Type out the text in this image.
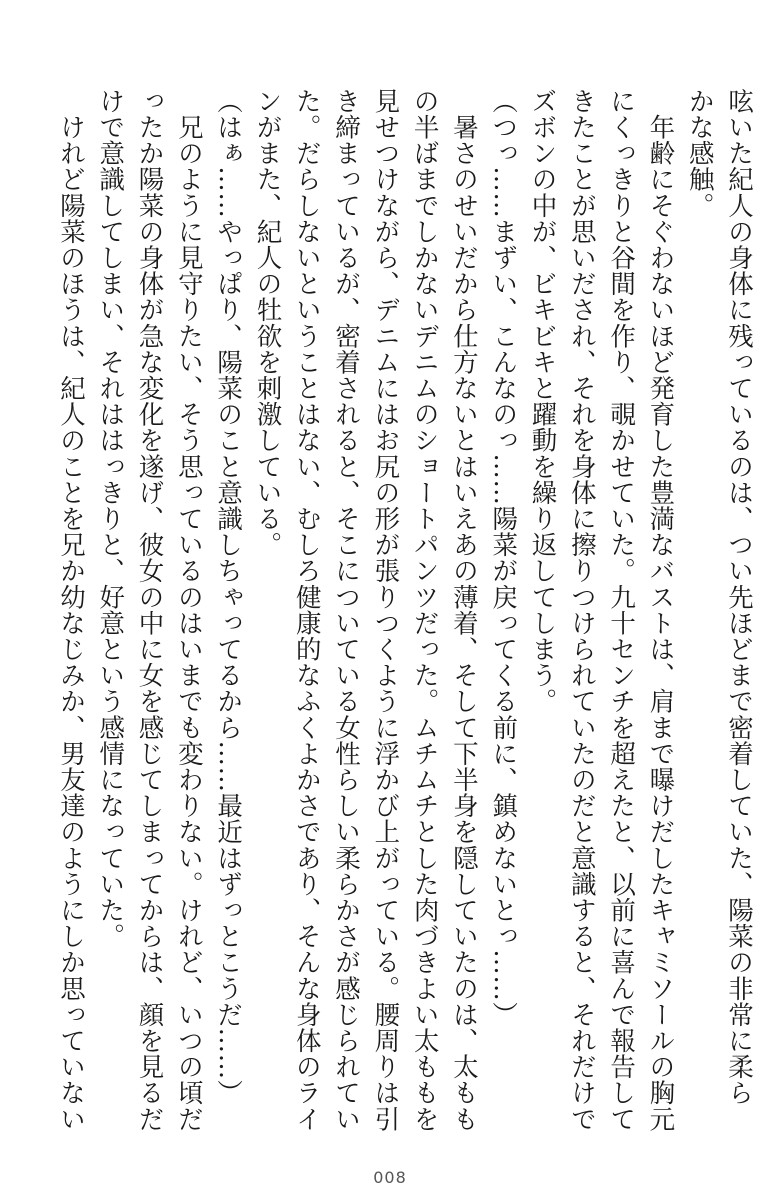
呟いた紀人の身体に残っているのは、つい先ほどまで密着していた、陽菜の非常に柔ら
かな感触。
　年齢にそぐわないほど発育した豊満なバストは、肩まで曝けだしたキャミソールの胸元
にくっきりと谷間を作り、覗かせていた。九十センチを超えたと、以前に喜んで報告して
きたことが思いだされ、それを身体に擦りつけられていたのだと意識すると、それだけで
ズボンの中が、ビキビキと躍動を繰り返してしまう。
（つっ……まずい、こんなのっ……陽菜が戻ってくる前に、鎮めないとっ……）
　暑さのせいだから仕方ないとはいえあの薄着、そして下半身を隠していたのは、太もも
の半ばまでしかないデニムのショートパンツだった。ムチムチとした肉づきよい太ももを
見せつけながら、デニムにはお尻の形が張りつくように浮かび上がっている。腰周りは引
き締まっているが、密着されると、そこについている女性らしい柔らかさが感じられてい
た。だらしないということはない、むしろ健康的なふくよかさであり、そんな身体のライ
ンがまた、紀人の牡欲を刺激している。
（はぁ……やっぱり、陽菜のこと意識しちゃってるから……最近はずっとこうだ……）
　兄のように見守りたい、そう思っているのはいまでも変わりない。けれど、いつの頃だ
ったか陽菜の身体が急な変化を遂げ、彼女の中に女を感じてしまってからは、顔を見るだ
けで意識してしまい、それははっきりと、好意という感情になっていた。
　けれど陽菜のほうは、紀人のことを兄か幼なじみか、男友達のようにしか思っていない
008
